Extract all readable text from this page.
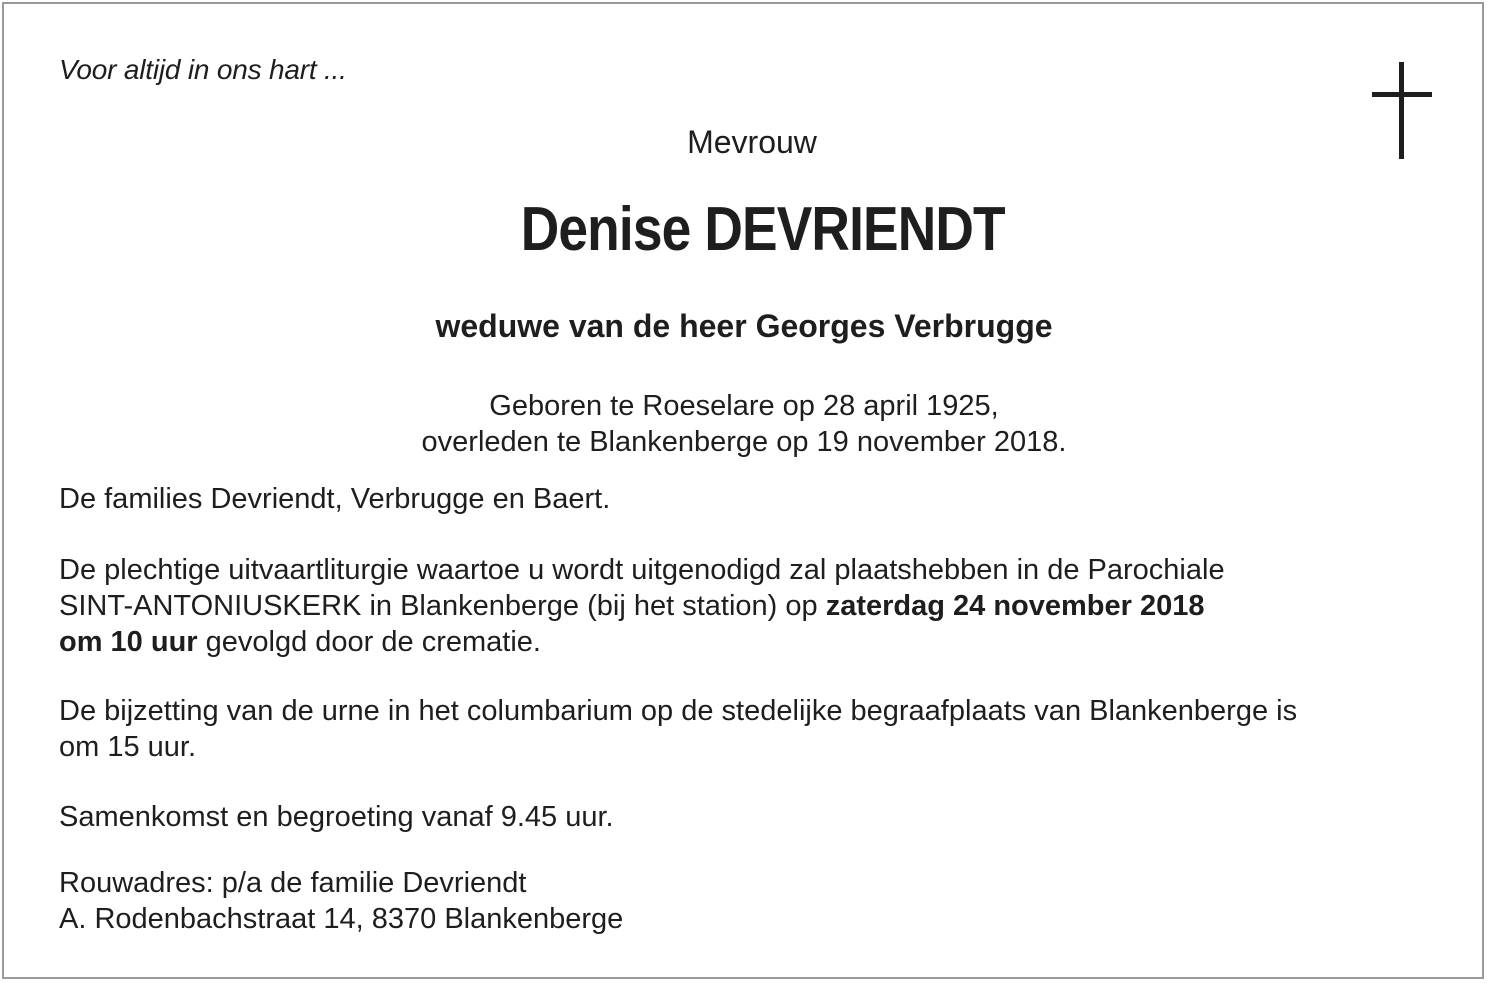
Voor altijd in ons hart ...
Mevrouw
Denise DEVRIENDT
weduwe van de heer Georges Verbrugge
Geboren te Roeselare op 28 april 1925,
overleden te Blankenberge op 19 november 2018.
De families Devriendt, Verbrugge en Baert.
De plechtige uitvaartliturgie waartoe u wordt uitgenodigd zal plaatshebben in de Parochiale
SINT-ANTONIUSKERK in Blankenberge (bij het station) op zaterdag 24 november 2018
om 10 uur gevolgd door de crematie.
De bijzetting van de urne in het columbarium op de stedelijke begraafplaats van Blankenberge is
om 15 uur.
Samenkomst en begroeting vanaf 9.45 uur.
Rouwadres: p/a de familie Devriendt
A. Rodenbachstraat 14, 8370 Blankenberge
